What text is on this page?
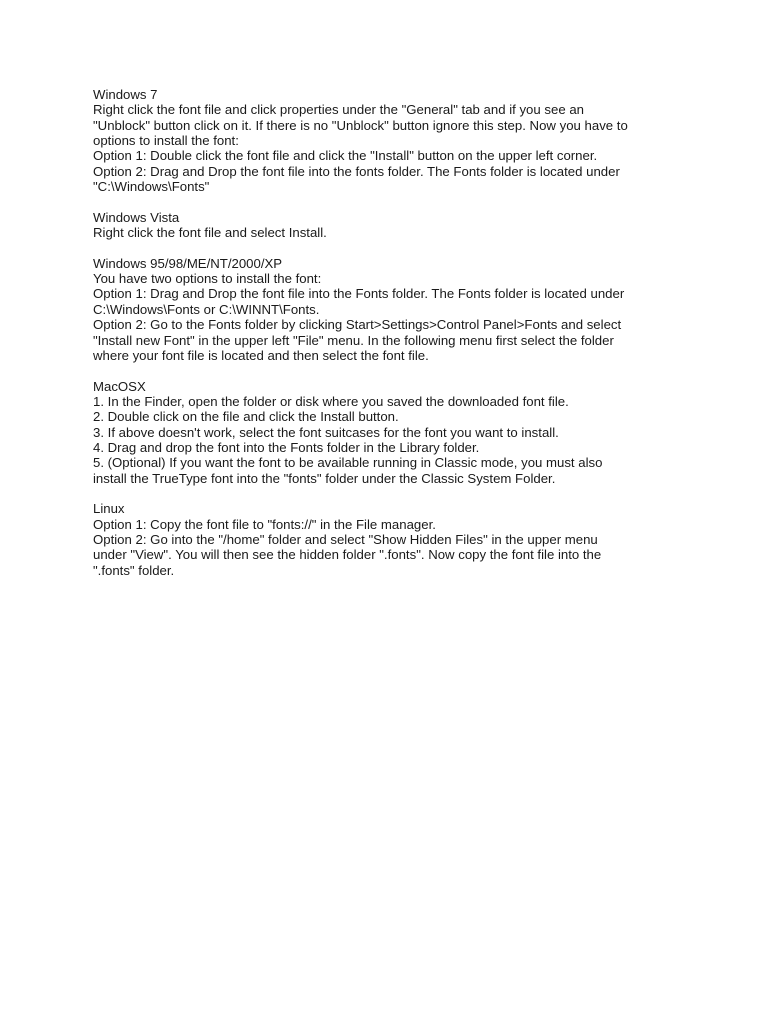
Windows 7
Right click the font file and click properties under the "General" tab and if you see an
"Unblock" button click on it. If there is no "Unblock" button ignore this step. Now you have to
options to install the font:
Option 1: Double click the font file and click the "Install" button on the upper left corner.
Option 2: Drag and Drop the font file into the fonts folder. The Fonts folder is located under
"C:\Windows\Fonts"
Windows Vista
Right click the font file and select Install.
Windows 95/98/ME/NT/2000/XP
You have two options to install the font:
Option 1: Drag and Drop the font file into the Fonts folder. The Fonts folder is located under
C:\Windows\Fonts or C:\WINNT\Fonts.
Option 2: Go to the Fonts folder by clicking Start>Settings>Control Panel>Fonts and select
"Install new Font" in the upper left "File" menu. In the following menu first select the folder
where your font file is located and then select the font file.
MacOSX
1. In the Finder, open the folder or disk where you saved the downloaded font file.
2. Double click on the file and click the Install button.
3. If above doesn't work, select the font suitcases for the font you want to install.
4. Drag and drop the font into the Fonts folder in the Library folder.
5. (Optional) If you want the font to be available running in Classic mode, you must also
install the TrueType font into the "fonts" folder under the Classic System Folder.
Linux
Option 1: Copy the font file to "fonts://" in the File manager.
Option 2: Go into the "/home" folder and select "Show Hidden Files" in the upper menu
under "View". You will then see the hidden folder ".fonts". Now copy the font file into the
".fonts" folder.
